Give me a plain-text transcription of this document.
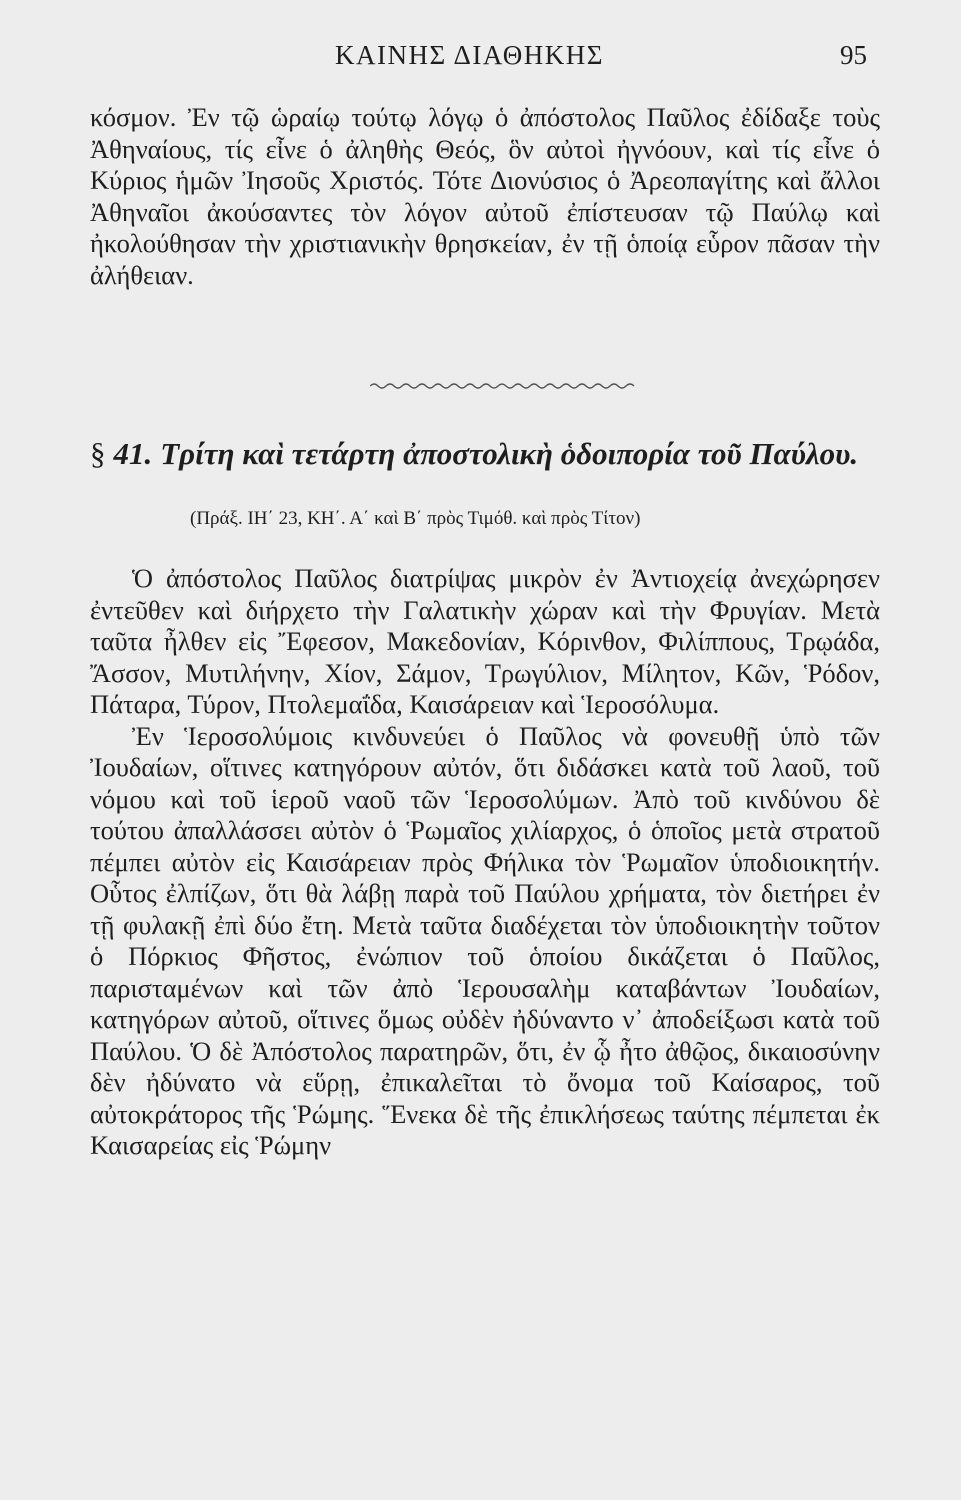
ΚΑΙΝΗΣ ΔΙΑΘΗΚΗΣ	95
κόσμον. Ἐν τῷ ὡραίῳ τούτῳ λόγῳ ὁ ἀπόστολος Παῦλος ἐδίδαξε τοὺς Ἀθηναίους, τίς εἶνε ὁ ἀληθὴς Θεός, ὃν αὐτοὶ ἠγνόουν, καὶ τίς εἶνε ὁ Κύριος ἡμῶν Ἰησοῦς Χριστός. Τότε Διονύσιος ὁ Ἀρεοπαγίτης καὶ ἄλλοι Ἀθηναῖοι ἀκούσαντες τὸν λόγον αὐτοῦ ἐπίστευσαν τῷ Παύλῳ καὶ ἠκολούθησαν τὴν χριστιανικὴν θρησκείαν, ἐν τῇ ὁποίᾳ εὗρον πᾶσαν τὴν ἀλήθειαν.
§ 41. Τρίτη καὶ τετάρτη ἀποστολικὴ ὁδοιπορία τοῦ Παύλου.
(Πράξ. ΙΗ΄ 23, ΚΗ΄. Α΄ καὶ Β΄ πρὸς Τιμόθ. καὶ πρὸς Τίτον)

Ὁ ἀπόστολος Παῦλος διατρίψας μικρὸν ἐν Ἀντιοχείᾳ ἀνεχώρησεν ἐντεῦθεν καὶ διήρχετο τὴν Γαλατικὴν χώραν καὶ τὴν Φρυγίαν. Μετὰ ταῦτα ἦλθεν εἰς Ἔφεσον, Μακεδονίαν, Κόρινθον, Φιλίππους, Τρῳάδα, Ἄσσον, Μυτιλήνην, Χίον, Σάμον, Τρωγύλιον, Μίλητον, Κῶν, Ῥόδον, Πάταρα, Τύρον, Πτολεμαΐδα, Καισάρειαν καὶ Ἱεροσόλυμα.

Ἐν Ἱεροσολύμοις κινδυνεύει ὁ Παῦλος νὰ φονευθῇ ὑπὸ τῶν Ἰουδαίων, οἵτινες κατηγόρουν αὐτόν, ὅτι διδάσκει κατὰ τοῦ λαοῦ, τοῦ νόμου καὶ τοῦ ἱεροῦ ναοῦ τῶν Ἱεροσολύμων. Ἀπὸ τοῦ κινδύνου δὲ τούτου ἀπαλλάσσει αὐτὸν ὁ Ῥωμαῖος χιλίαρχος, ὁ ὁποῖος μετὰ στρατοῦ πέμπει αὐτὸν εἰς Καισάρειαν πρὸς Φήλικα τὸν Ῥωμαῖον ὑποδιοικητήν. Οὗτος ἐλπίζων, ὅτι θὰ λάβῃ παρὰ τοῦ Παύλου χρήματα, τὸν διετήρει ἐν τῇ φυλακῇ ἐπὶ δύο ἔτη. Μετὰ ταῦτα διαδέχεται τὸν ὑποδιοικητὴν τοῦτον ὁ Πόρκιος Φῆστος, ἐνώπιον τοῦ ὁποίου δικάζεται ὁ Παῦλος, παρισταμένων καὶ τῶν ἀπὸ Ἱερουσαλὴμ καταβάντων Ἰουδαίων, κατηγόρων αὐτοῦ, οἵτινες ὅμως οὐδὲν ἠδύναντο ν᾽ ἀποδείξωσι κατὰ τοῦ Παύλου. Ὁ δὲ Ἀπόστολος παρατηρῶν, ὅτι, ἐν ᾧ ἦτο ἀθῷος, δικαιοσύνην δὲν ἠδύνατο νὰ εὕρῃ, ἐπικαλεῖται τὸ ὄνομα τοῦ Καίσαρος, τοῦ αὐτοκράτορος τῆς Ῥώμης. Ἕνεκα δὲ τῆς ἐπικλήσεως ταύτης πέμπεται ἐκ Καισαρείας εἰς Ῥώμην
